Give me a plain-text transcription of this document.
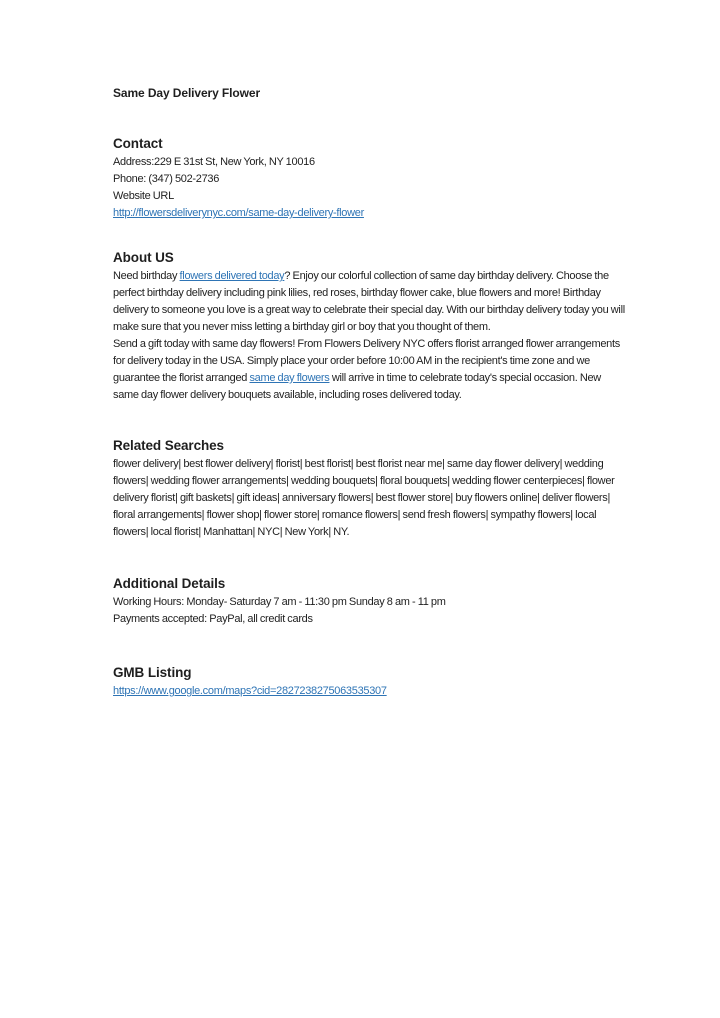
Same Day Delivery Flower
Contact
Address:229 E 31st St, New York, NY 10016
Phone: (347) 502-2736
Website URL
http://flowersdeliverynyc.com/same-day-delivery-flower
About US

Need birthday flowers delivered today? Enjoy our colorful collection of same day birthday delivery. Choose the perfect birthday delivery including pink lilies, red roses, birthday flower cake, blue flowers and more! Birthday delivery to someone you love is a great way to celebrate their special day. With our birthday delivery today you will make sure that you never miss letting a birthday girl or boy that you thought of them.

Send a gift today with same day flowers! From Flowers Delivery NYC offers florist arranged flower arrangements for delivery today in the USA. Simply place your order before 10:00 AM in the recipient's time zone and we guarantee the florist arranged same day flowers will arrive in time to celebrate today's special occasion. New same day flower delivery bouquets available, including roses delivered today.

Related Searches

flower delivery| best flower delivery| florist| best florist| best florist near me| same day flower delivery| wedding flowers| wedding flower arrangements| wedding bouquets| floral bouquets| wedding flower centerpieces| flower delivery florist| gift baskets| gift ideas| anniversary flowers| best flower store| buy flowers online| deliver flowers| floral arrangements| flower shop| flower store| romance flowers| send fresh flowers| sympathy flowers| local flowers| local florist| Manhattan| NYC| New York| NY.

Additional Details
Working Hours: Monday- Saturday 7 am - 11:30 pm Sunday 8 am - 11 pm
Payments accepted: PayPal, all credit cards
GMB Listing
https://www.google.com/maps?cid=2827238275063535307
